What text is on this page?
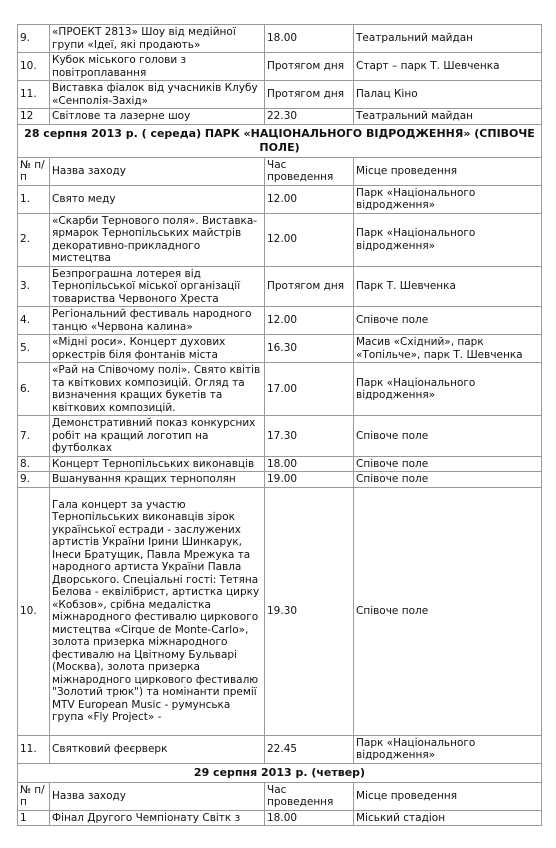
9.	«ПРОЕКТ 2813» Шоу від медійної групи «Ідеї, які продають»	18.00	Театральний майдан
10.	Кубок міського голови з повітроплавання	Протягом дня	Старт – парк Т. Шевченка
11.	Виставка фіалок від учасників Клубу «Сенполія-Захід»	Протягом дня	Палац Кіно
12	Світлове та лазерне шоу	22.30	Театральний майдан
28 серпня 2013 р. ( середа) ПАРК «НАЦІОНАЛЬНОГО ВІДРОДЖЕННЯ» (СПІВОЧЕ ПОЛЕ)			
№ п/п	Назва заходу	Час проведення	Місце проведення
1.	Свято меду	12.00	Парк «Національного відродження»
2.	«Скарби Тернового поля». Виставка-ярмарок Тернопільських майстрів декоративно-прикладного мистецтва	12.00	Парк «Національного відродження»
3.	Безпрограшна лотерея від Тернопільської міської організації товариства Червоного Хреста	Протягом дня	Парк Т. Шевченка
4.	Регіональний фестиваль народного танцю «Червона калина»	12.00	Співоче поле
5.	«Мідні роси». Концерт духових оркестрів біля фонтанів міста	16.30	Масив «Східний», парк «Топільче», парк Т. Шевченка
6.	«Рай на Співочому полі». Свято квітів та квіткових композицій. Огляд та визначення кращих букетів та квіткових композицій.	17.00	Парк «Національного відродження»
7.	Демонстративний показ конкурсних робіт на кращий логотип на футболках	17.30	Співоче поле
8.	Концерт Тернопільських виконавців	18.00	Співоче поле
9.	Вшанування кращих тернополян	19.00	Співоче поле
10.	Гала концерт за участю Тернопільських виконавців зірок української естради - заслужених артистів України Ірини Шинкарук, Інеси Братущик, Павла Мрежука та народного артиста України Павла Дворського. Спеціальні гості: Тетяна Белова - еквілібрист, артистка цирку «Кобзов», срібна медалістка міжнародного фестивалю циркового мистецтва «Cirque de Monte-Carlo», золота призерка міжнародного фестивалю на Цвітному Бульварі (Москва), золота призерка міжнародного циркового фестивалю "Золотий трюк") та номінанти премії MTV European Music - румунська група «Fly Project» -	19.30	Співоче поле
11.	Святковий феєрверк	22.45	Парк «Національного відродження»
29 серпня 2013 р. (четвер)			
№ п/п	Назва заходу	Час проведення	Місце проведення
1	Фінал Другого Чемпіонату Світк з	18.00	Міський стадіон
